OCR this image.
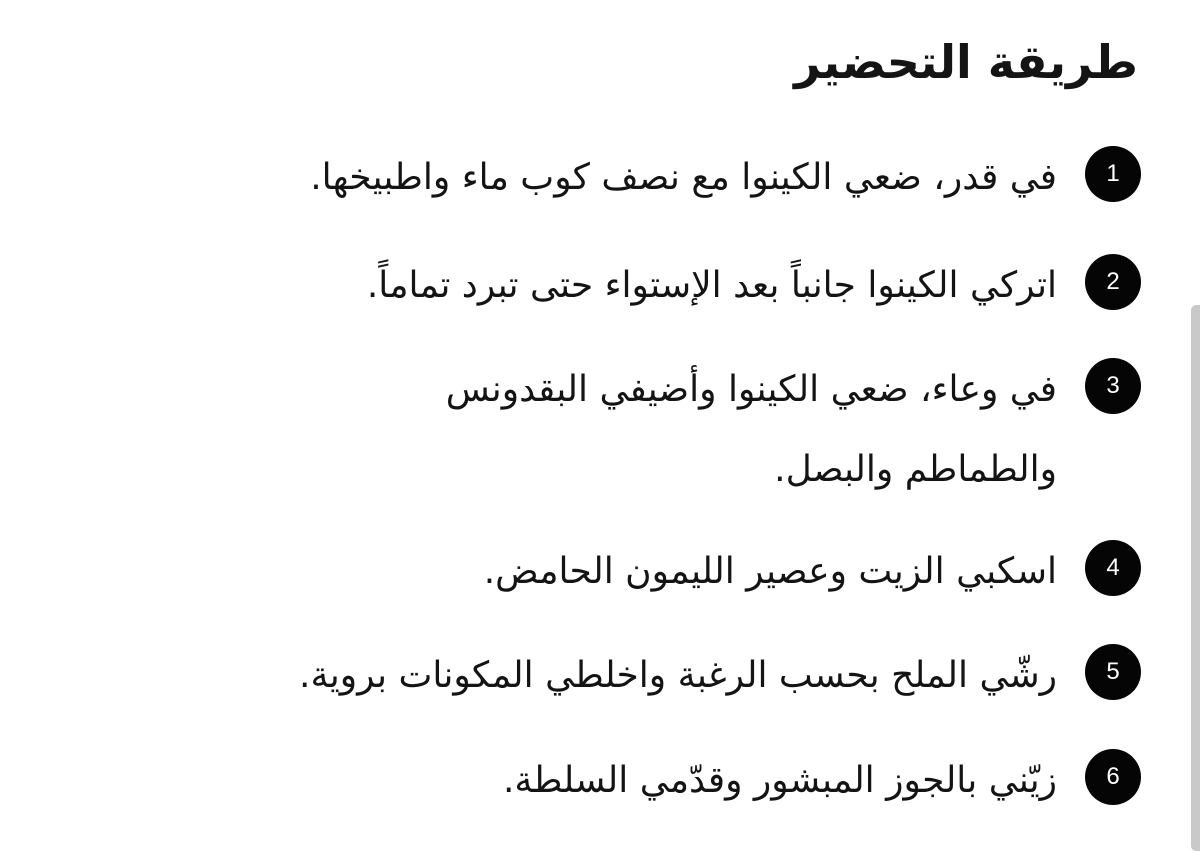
طريقة التحضير
1

في قدر، ضعي الكينوا مع نصف كوب ماء واطبيخها.

2

اتركي الكينوا جانباً بعد الإستواء حتى تبرد تماماً.

3

في وعاء، ضعي الكينوا وأضيفي البقدونس والطماطم والبصل.

4

اسكبي الزيت وعصير الليمون الحامض.

5

رشّي الملح بحسب الرغبة واخلطي المكونات بروية.

6

زيّني بالجوز المبشور وقدّمي السلطة.
